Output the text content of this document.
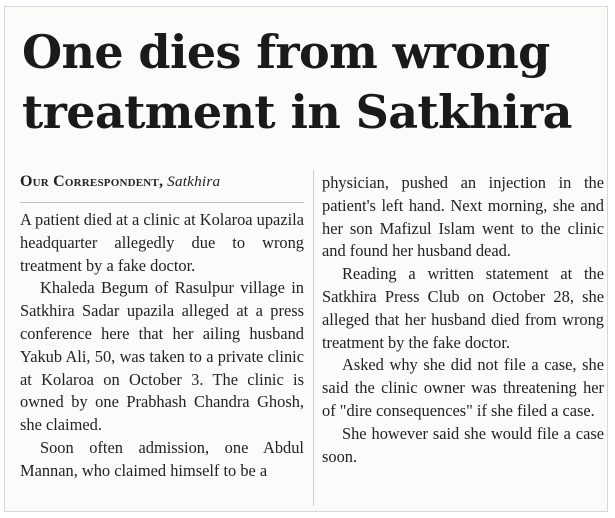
One dies from wrong
treatment in Satkhira
Our Correspondent, Satkhira

A patient died at a clinic at Kolaroa upazila headquarter allegedly due to wrong treatment by a fake doctor.

Khaleda Begum of Rasulpur village in Satkhira Sadar upazila alleged at a press conference here that her ailing husband Yakub Ali, 50, was taken to a private clinic at Kolaroa on October 3. The clinic is owned by one Prabhash Chandra Ghosh, she claimed.

Soon often admission, one Abdul Mannan, who claimed himself to be a

physician, pushed an injection in the patient's left hand. Next morning, she and her son Mafizul Islam went to the clinic and found her husband dead.

Reading a written statement at the Satkhira Press Club on October 28, she alleged that her husband died from wrong treatment by the fake doctor.

Asked why she did not file a case, she said the clinic owner was threatening her of "dire consequences" if she filed a case.

She however said she would file a case soon.
